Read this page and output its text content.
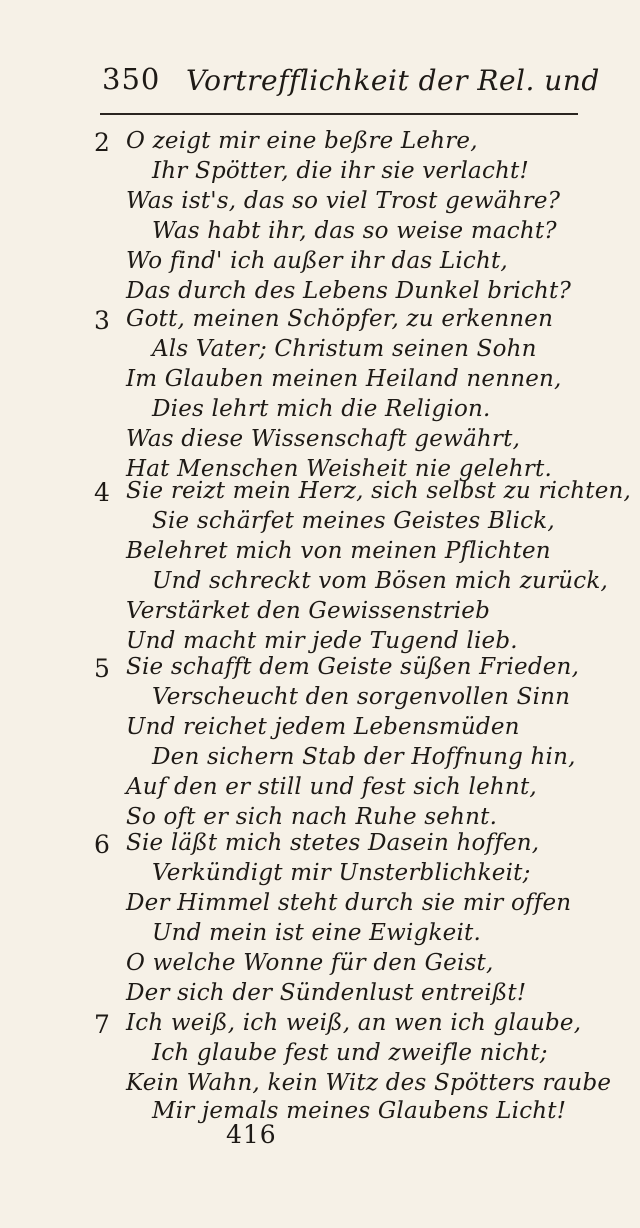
350 Vortrefflichkeit der Rel. und
2 O zeigt mir eine beßre Lehre,
Ihr Spötter, die ihr sie verlacht!
Was ist's, das so viel Trost gewähre?
Was habt ihr, das so weise macht?
Wo find' ich außer ihr das Licht,
Das durch des Lebens Dunkel bricht?
3 Gott, meinen Schöpfer, zu erkennen
Als Vater; Christum seinen Sohn
Im Glauben meinen Heiland nennen,
Dies lehrt mich die Religion.
Was diese Wissenschaft gewährt,
Hat Menschen Weisheit nie gelehrt.
4 Sie reizt mein Herz, sich selbst zu richten,
Sie schärfet meines Geistes Blick,
Belehret mich von meinen Pflichten
Und schreckt vom Bösen mich zurück,
Verstärket den Gewissenstrieb
Und macht mir jede Tugend lieb.
5 Sie schafft dem Geiste süßen Frieden,
Verscheucht den sorgenvollen Sinn
Und reichet jedem Lebensmüden
Den sichern Stab der Hoffnung hin,
Auf den er still und fest sich lehnt,
So oft er sich nach Ruhe sehnt.
6 Sie läßt mich stetes Dasein hoffen,
Verkündigt mir Unsterblichkeit;
Der Himmel steht durch sie mir offen
Und mein ist eine Ewigkeit.
O welche Wonne für den Geist,
Der sich der Sündenlust entreißt!
7 Ich weiß, ich weiß, an wen ich glaube,
Ich glaube fest und zweifle nicht;
Kein Wahn, kein Witz des Spötters raube
Mir jemals meines Glaubens Licht!
416
